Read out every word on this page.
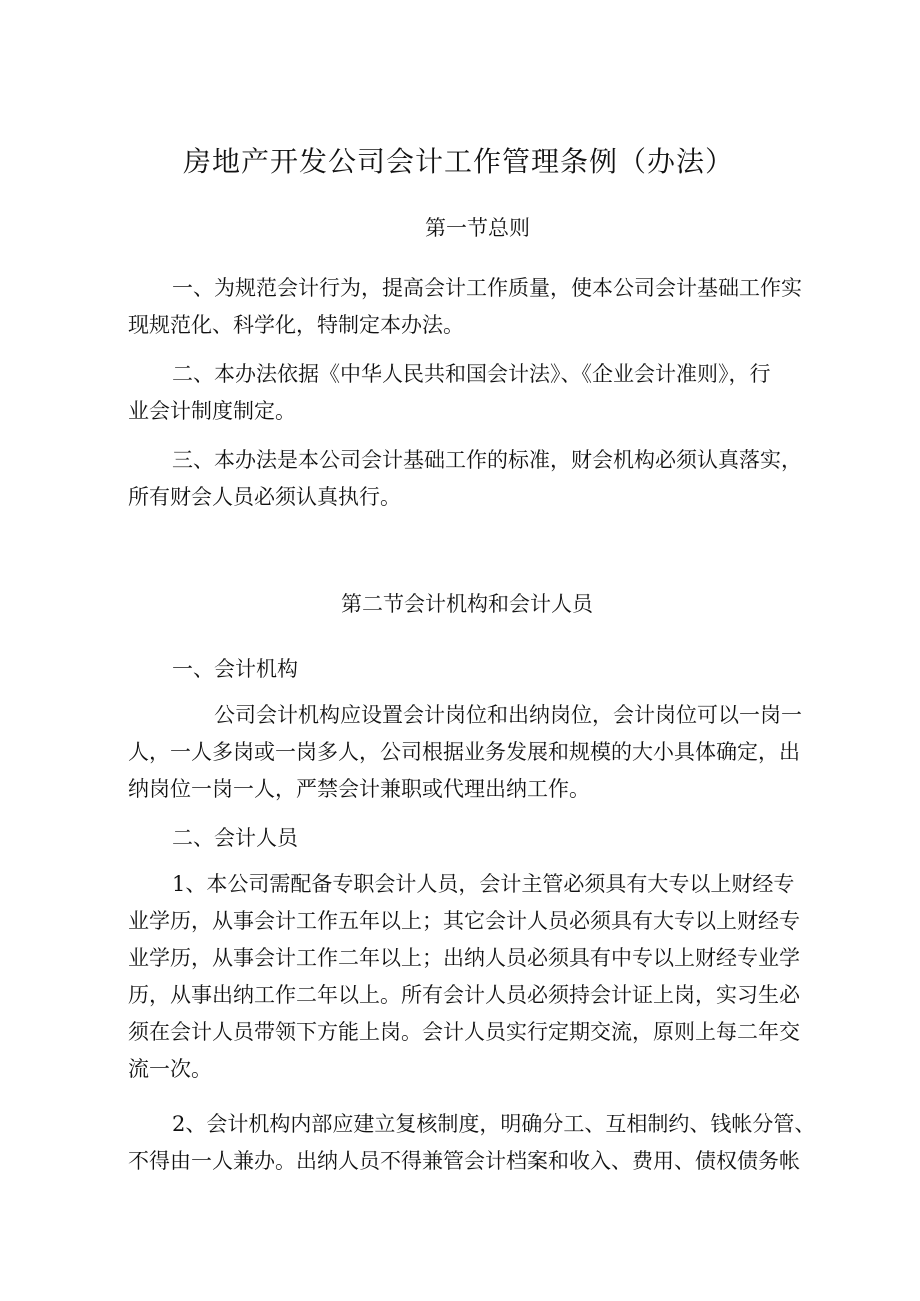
房地产开发公司会计工作管理条例（办法）
第一节总则
一、为规范会计行为，提高会计工作质量，使本公司会计基础工作实
现规范化、科学化，特制定本办法。
二、本办法依据《中华人民共和国会计法》、《企业会计准则》，行
业会计制度制定。
三、本办法是本公司会计基础工作的标准，财会机构必须认真落实，
所有财会人员必须认真执行。
第二节会计机构和会计人员
一、会计机构
公司会计机构应设置会计岗位和出纳岗位，会计岗位可以一岗一
人，一人多岗或一岗多人，公司根据业务发展和规模的大小具体确定，出
纳岗位一岗一人，严禁会计兼职或代理出纳工作。
二、会计人员
1、本公司需配备专职会计人员，会计主管必须具有大专以上财经专
业学历，从事会计工作五年以上；其它会计人员必须具有大专以上财经专
业学历，从事会计工作二年以上；出纳人员必须具有中专以上财经专业学
历，从事出纳工作二年以上。所有会计人员必须持会计证上岗，实习生必
须在会计人员带领下方能上岗。会计人员实行定期交流，原则上每二年交
流一次。
2、会计机构内部应建立复核制度，明确分工、互相制约、钱帐分管、
不得由一人兼办。出纳人员不得兼管会计档案和收入、费用、债权债务帐
